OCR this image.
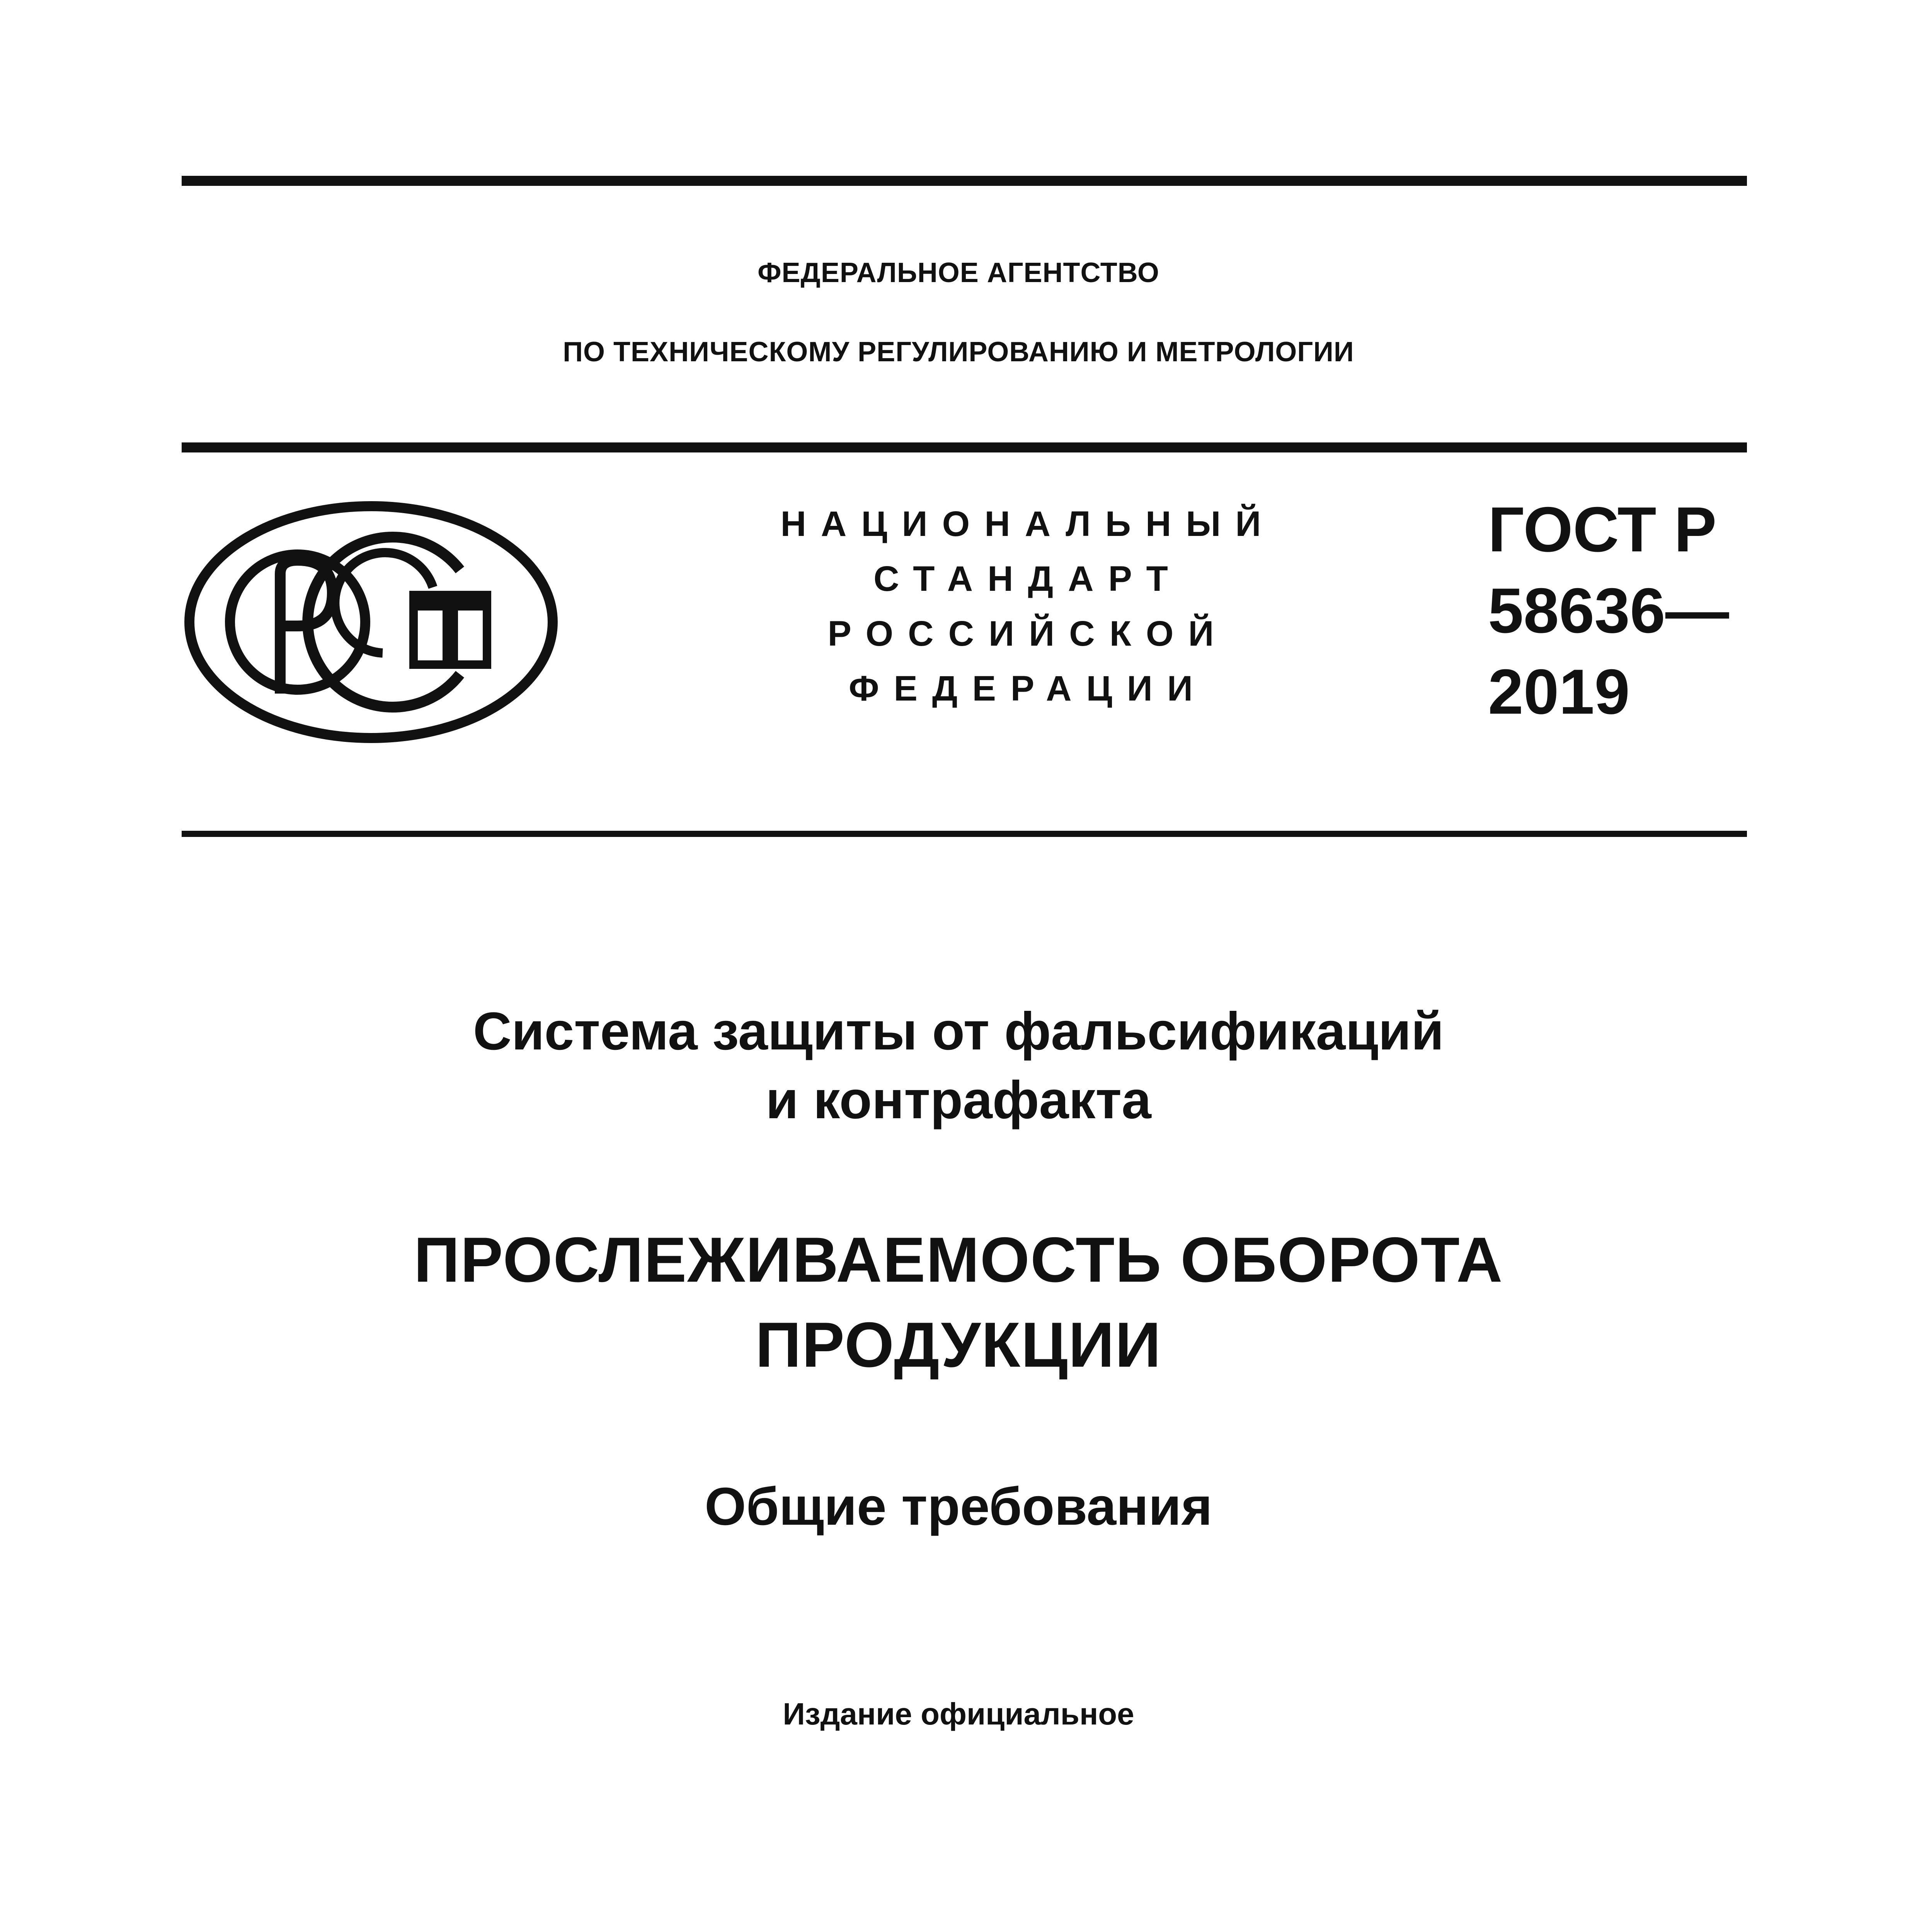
ФЕДЕРАЛЬНОЕ АГЕНТСТВО
ПО ТЕХНИЧЕСКОМУ РЕГУЛИРОВАНИЮ И МЕТРОЛОГИИ
НАЦИОНАЛЬНЫЙ
СТАНДАРТ
РОССИЙСКОЙ
ФЕДЕРАЦИИ
ГОСТ Р
58636—
2019
Система защиты от фальсификаций
и контрафакта
ПРОСЛЕЖИВАЕМОСТЬ ОБОРОТА
ПРОДУКЦИИ
Общие требования
Издание официальное
